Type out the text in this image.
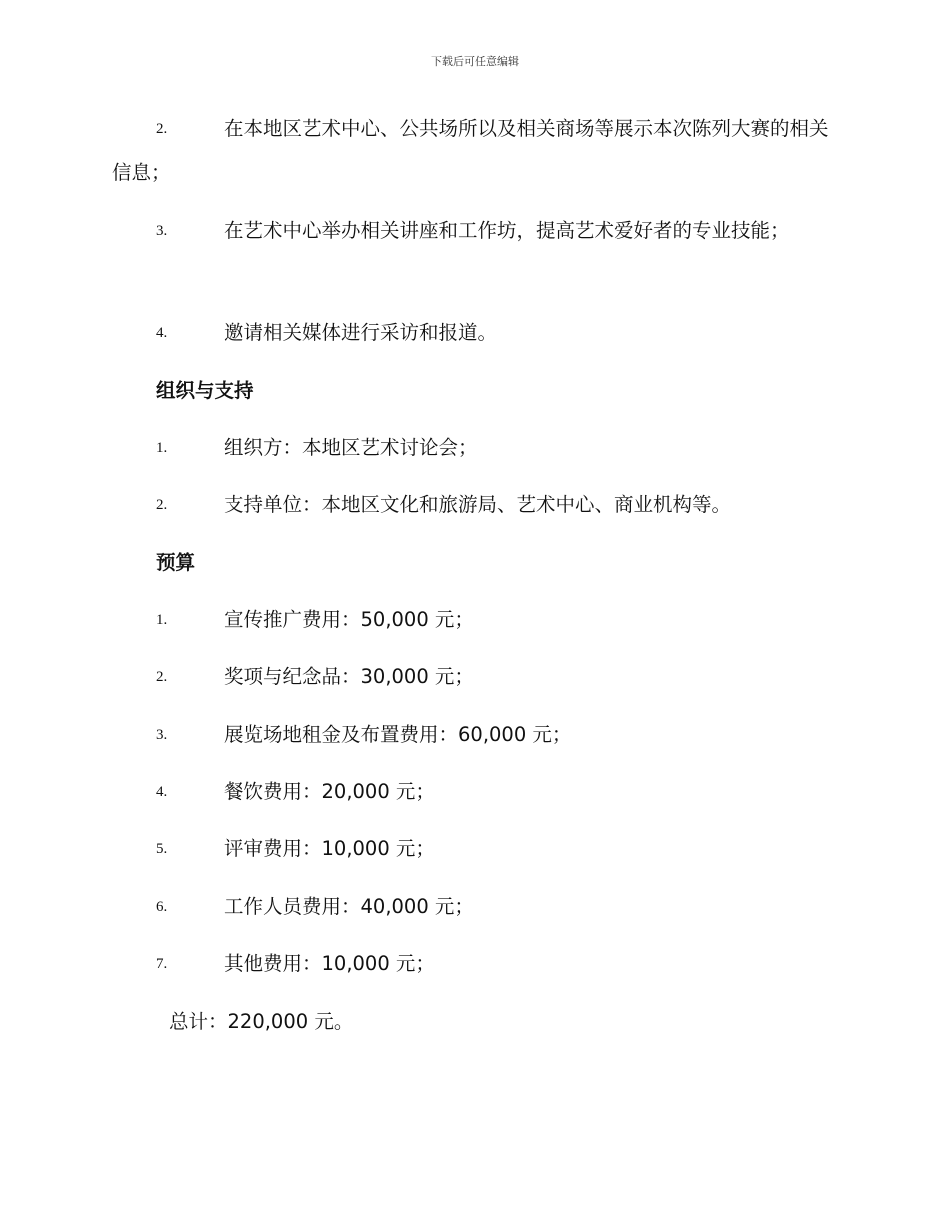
下载后可任意编辑
2.	在本地区艺术中心、公共场所以及相关商场等展示本次陈列大赛的相关信息；
3.	在艺术中心举办相关讲座和工作坊，提高艺术爱好者的专业技能；
4.	邀请相关媒体进行采访和报道。
组织与支持
1.	组织方：本地区艺术讨论会；
2.	支持单位：本地区文化和旅游局、艺术中心、商业机构等。
预算
1.	宣传推广费用：50,000 元；
2.	奖项与纪念品：30,000 元；
3.	展览场地租金及布置费用：60,000 元；
4.	餐饮费用：20,000 元；
5.	评审费用：10,000 元；
6.	工作人员费用：40,000 元；
7.	其他费用：10,000 元；
总计：220,000 元。
